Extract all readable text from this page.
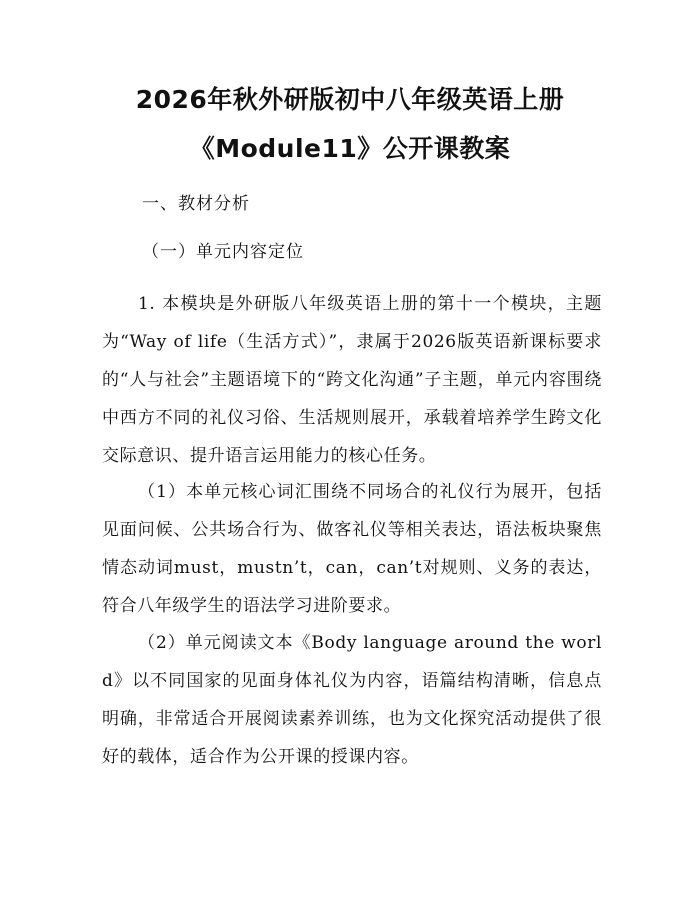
2026年秋外研版初中八年级英语上册
《Module11》公开课教案
一、教材分析
（一）单元内容定位

1. 本模块是外研版八年级英语上册的第十一个模块，主题为“Way of life（生活方式）”，隶属于2026版英语新课标要求的“人与社会”主题语境下的“跨文化沟通”子主题，单元内容围绕中西方不同的礼仪习俗、生活规则展开，承载着培养学生跨文化交际意识、提升语言运用能力的核心任务。

（1）本单元核心词汇围绕不同场合的礼仪行为展开，包括见面问候、公共场合行为、做客礼仪等相关表达，语法板块聚焦情态动词must，mustn’t，can，can’t对规则、义务的表达，符合八年级学生的语法学习进阶要求。

（2）单元阅读文本《Body language around the world》以不同国家的见面身体礼仪为内容，语篇结构清晰，信息点明确，非常适合开展阅读素养训练，也为文化探究活动提供了很好的载体，适合作为公开课的授课内容。
